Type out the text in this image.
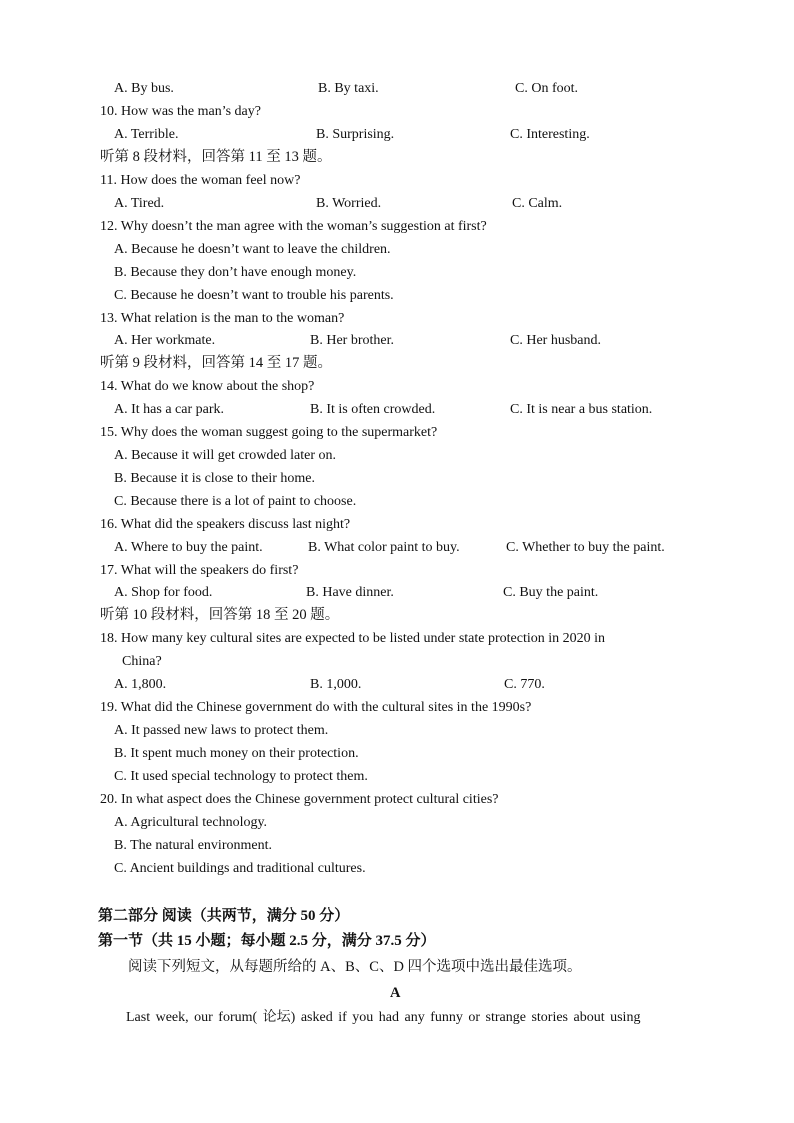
A. By bus.	B. By taxi.	C. On foot.
10. How was the man’s day?
A. Terrible.	B. Surprising.	C. Interesting.
听第 8 段材料，回答第 11 至 13 题。
11. How does the woman feel now?
A. Tired.	B. Worried.	C. Calm.
12. Why doesn’t the man agree with the woman’s suggestion at first?
A. Because he doesn’t want to leave the children.
B. Because they don’t have enough money.
C. Because he doesn’t want to trouble his parents.
13. What relation is the man to the woman?
A. Her workmate.	B. Her brother.	C. Her husband.
听第 9 段材料，回答第 14 至 17 题。
14. What do we know about the shop?
A. It has a car park.	B. It is often crowded.	C. It is near a bus station.
15. Why does the woman suggest going to the supermarket?
A. Because it will get crowded later on.
B. Because it is close to their home.
C. Because there is a lot of paint to choose.
16. What did the speakers discuss last night?
A. Where to buy the paint.	B. What color paint to buy.	C. Whether to buy the paint.
17. What will the speakers do first?
A. Shop for food.	B. Have dinner.	C. Buy the paint.
听第 10 段材料，回答第 18 至 20 题。
18. How many key cultural sites are expected to be listed under state protection in 2020 in
China?
A. 1,800.	B. 1,000.	C. 770.
19. What did the Chinese government do with the cultural sites in the 1990s?
A. It passed new laws to protect them.
B. It spent much money on their protection.
C. It used special technology to protect them.
20. In what aspect does the Chinese government protect cultural cities?
A. Agricultural technology.
B. The natural environment.
C. Ancient buildings and traditional cultures.
第二部分 阅读（共两节，满分 50 分）
第一节（共 15 小题；每小题 2.5 分，满分 37.5 分）
阅读下列短文，从每题所给的 A、B、C、D 四个选项中选出最佳选项。
A
Last week, our forum( 论坛) asked if you had any funny or strange stories about using
